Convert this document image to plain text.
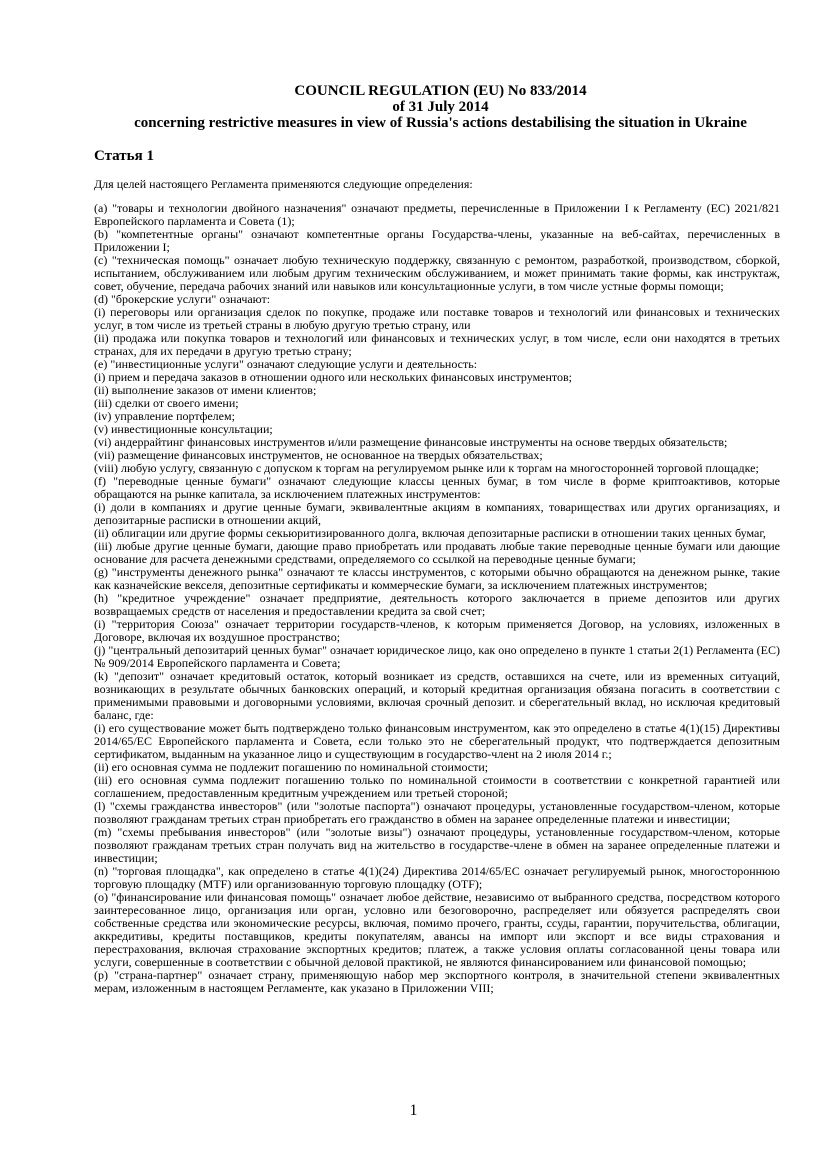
COUNCIL REGULATION (EU) No 833/2014

of 31 July 2014

concerning restrictive measures in view of Russia's actions destabilising the situation in Ukraine

Статья 1

Для целей настоящего Регламента применяются следующие определения:

(a) "товары и технологии двойного назначения" означают предметы, перечисленные в Приложении I к Регламенту (ЕС) 2021/821 Европейского парламента и Совета (1);

(b) "компетентные органы" означают компетентные органы Государства-члены, указанные на веб-сайтах, перечисленных в Приложении I;

(c) "техническая помощь" означает любую техническую поддержку, связанную с ремонтом, разработкой, производством, сборкой, испытанием, обслуживанием или любым другим техническим обслуживанием, и может принимать такие формы, как инструктаж, совет, обучение, передача рабочих знаний или навыков или консультационные услуги, в том числе устные формы помощи;

(d) "брокерские услуги" означают:

(i) переговоры или организация сделок по покупке, продаже или поставке товаров и технологий или финансовых и технических услуг, в том числе из третьей страны в любую другую третью страну, или

(ii) продажа или покупка товаров и технологий или финансовых и технических услуг, в том числе, если они находятся в третьих странах, для их передачи в другую третью страну;

(e) "инвестиционные услуги" означают следующие услуги и деятельность:

(i) прием и передача заказов в отношении одного или нескольких финансовых инструментов;

(ii) выполнение заказов от имени клиентов;

(iii) сделки от своего имени;

(iv) управление портфелем;

(v) инвестиционные консультации;

(vi) андеррайтинг финансовых инструментов и/или размещение финансовые инструменты на основе твердых обязательств;

(vii) размещение финансовых инструментов, не основанное на твердых обязательствах;

(viii) любую услугу, связанную с допуском к торгам на регулируемом рынке или к торгам на многосторонней торговой площадке;

(f) "переводные ценные бумаги" означают следующие классы ценных бумаг, в том числе в форме криптоактивов, которые обращаются на рынке капитала, за исключением платежных инструментов:

(i) доли в компаниях и другие ценные бумаги, эквивалентные акциям в компаниях, товариществах или других организациях, и депозитарные расписки в отношении акций,

(ii) облигации или другие формы секьюритизированного долга, включая депозитарные расписки в отношении таких ценных бумаг,

(iii) любые другие ценные бумаги, дающие право приобретать или продавать любые такие переводные ценные бумаги или дающие основание для расчета денежными средствами, определяемого со ссылкой на переводные ценные бумаги;

(g) "инструменты денежного рынка" означают те классы инструментов, с которыми обычно обращаются на денежном рынке, такие как казначейские векселя, депозитные сертификаты и коммерческие бумаги, за исключением платежных инструментов;

(h) "кредитное учреждение" означает предприятие, деятельность которого заключается в приеме депозитов или других возвращаемых средств от населения и предоставлении кредита за свой счет;

(i) "территория Союза" означает территории государств-членов, к которым применяется Договор, на условиях, изложенных в Договоре, включая их воздушное пространство;

(j) "центральный депозитарий ценных бумаг" означает юридическое лицо, как оно определено в пункте 1 статьи 2(1) Регламента (ЕС) № 909/2014 Европейского парламента и Совета;

(k) "депозит" означает кредитовый остаток, который возникает из средств, оставшихся на счете, или из временных ситуаций, возникающих в результате обычных банковских операций, и который кредитная организация обязана погасить в соответствии с применимыми правовыми и договорными условиями, включая срочный депозит. и сберегательный вклад, но исключая кредитовый баланс, где:

(i) его существование может быть подтверждено только финансовым инструментом, как это определено в статье 4(1)(15) Директивы 2014/65/ЕС Европейского парламента и Совета, если только это не сберегательный продукт, что подтверждается депозитным сертификатом, выданным на указанное лицо и существующим в государство-членt на 2 июля 2014 г.;

(ii) его основная сумма не подлежит погашению по номинальной стоимости;

(iii) его основная сумма подлежит погашению только по номинальной стоимости в соответствии с конкретной гарантией или соглашением, предоставленным кредитным учреждением или третьей стороной;

(l) "схемы гражданства инвесторов" (или "золотые паспорта") означают процедуры, установленные государством-членом, которые позволяют гражданам третьих стран приобретать его гражданство в обмен на заранее определенные платежи и инвестиции;

(m) "схемы пребывания инвесторов" (или "золотые визы") означают процедуры, установленные государством-членом, которые позволяют гражданам третьих стран получать вид на жительство в государстве-члене в обмен на заранее определенные платежи и инвестиции;

(n) "торговая площадка", как определено в статье 4(1)(24) Директива 2014/65/ЕС означает регулируемый рынок, многостороннюю торговую площадку (MTF) или организованную торговую площадку (OTF);

(o) "финансирование или финансовая помощь" означает любое действие, независимо от выбранного средства, посредством которого заинтересованное лицо, организация или орган, условно или безоговорочно, распределяет или обязуется распределять свои собственные средства или экономические ресурсы, включая, помимо прочего, гранты, ссуды, гарантии, поручительства, облигации, аккредитивы, кредиты поставщиков, кредиты покупателям, авансы на импорт или экспорт и все виды страхования и перестрахования, включая страхование экспортных кредитов; платеж, а также условия оплаты согласованной цены товара или услуги, совершенные в соответствии с обычной деловой практикой, не являются финансированием или финансовой помощью;

(p) "страна-партнер" означает страну, применяющую набор мер экспортного контроля, в значительной степени эквивалентных мерам, изложенным в настоящем Регламенте, как указано в Приложении VIII;

1
